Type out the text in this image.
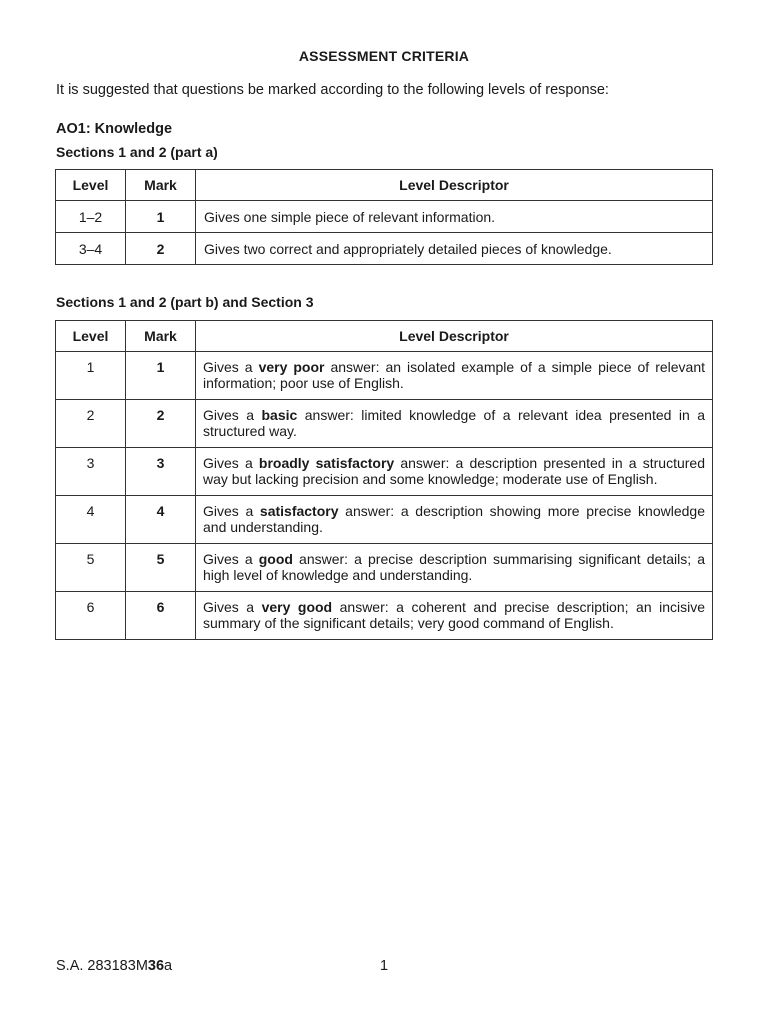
ASSESSMENT CRITERIA
It is suggested that questions be marked according to the following levels of response:
AO1: Knowledge
Sections 1 and 2 (part a)
Level	Mark	Level Descriptor
1–2	1	Gives one simple piece of relevant information.
3–4	2	Gives two correct and appropriately detailed pieces of knowledge.
Sections 1 and 2 (part b) and Section 3
Level	Mark	Level Descriptor
1	1	Gives a very poor answer: an isolated example of a simple piece of relevant information; poor use of English.
2	2	Gives a basic answer: limited knowledge of a relevant idea presented in a structured way.
3	3	Gives a broadly satisfactory answer: a description presented in a structured way but lacking precision and some knowledge; moderate use of English.
4	4	Gives a satisfactory answer: a description showing more precise knowledge and understanding.
5	5	Gives a good answer: a precise description summarising significant details; a high level of knowledge and understanding.
6	6	Gives a very good answer: a coherent and precise description; an incisive summary of the significant details; very good command of English.
S.A. 283183M36a	1
